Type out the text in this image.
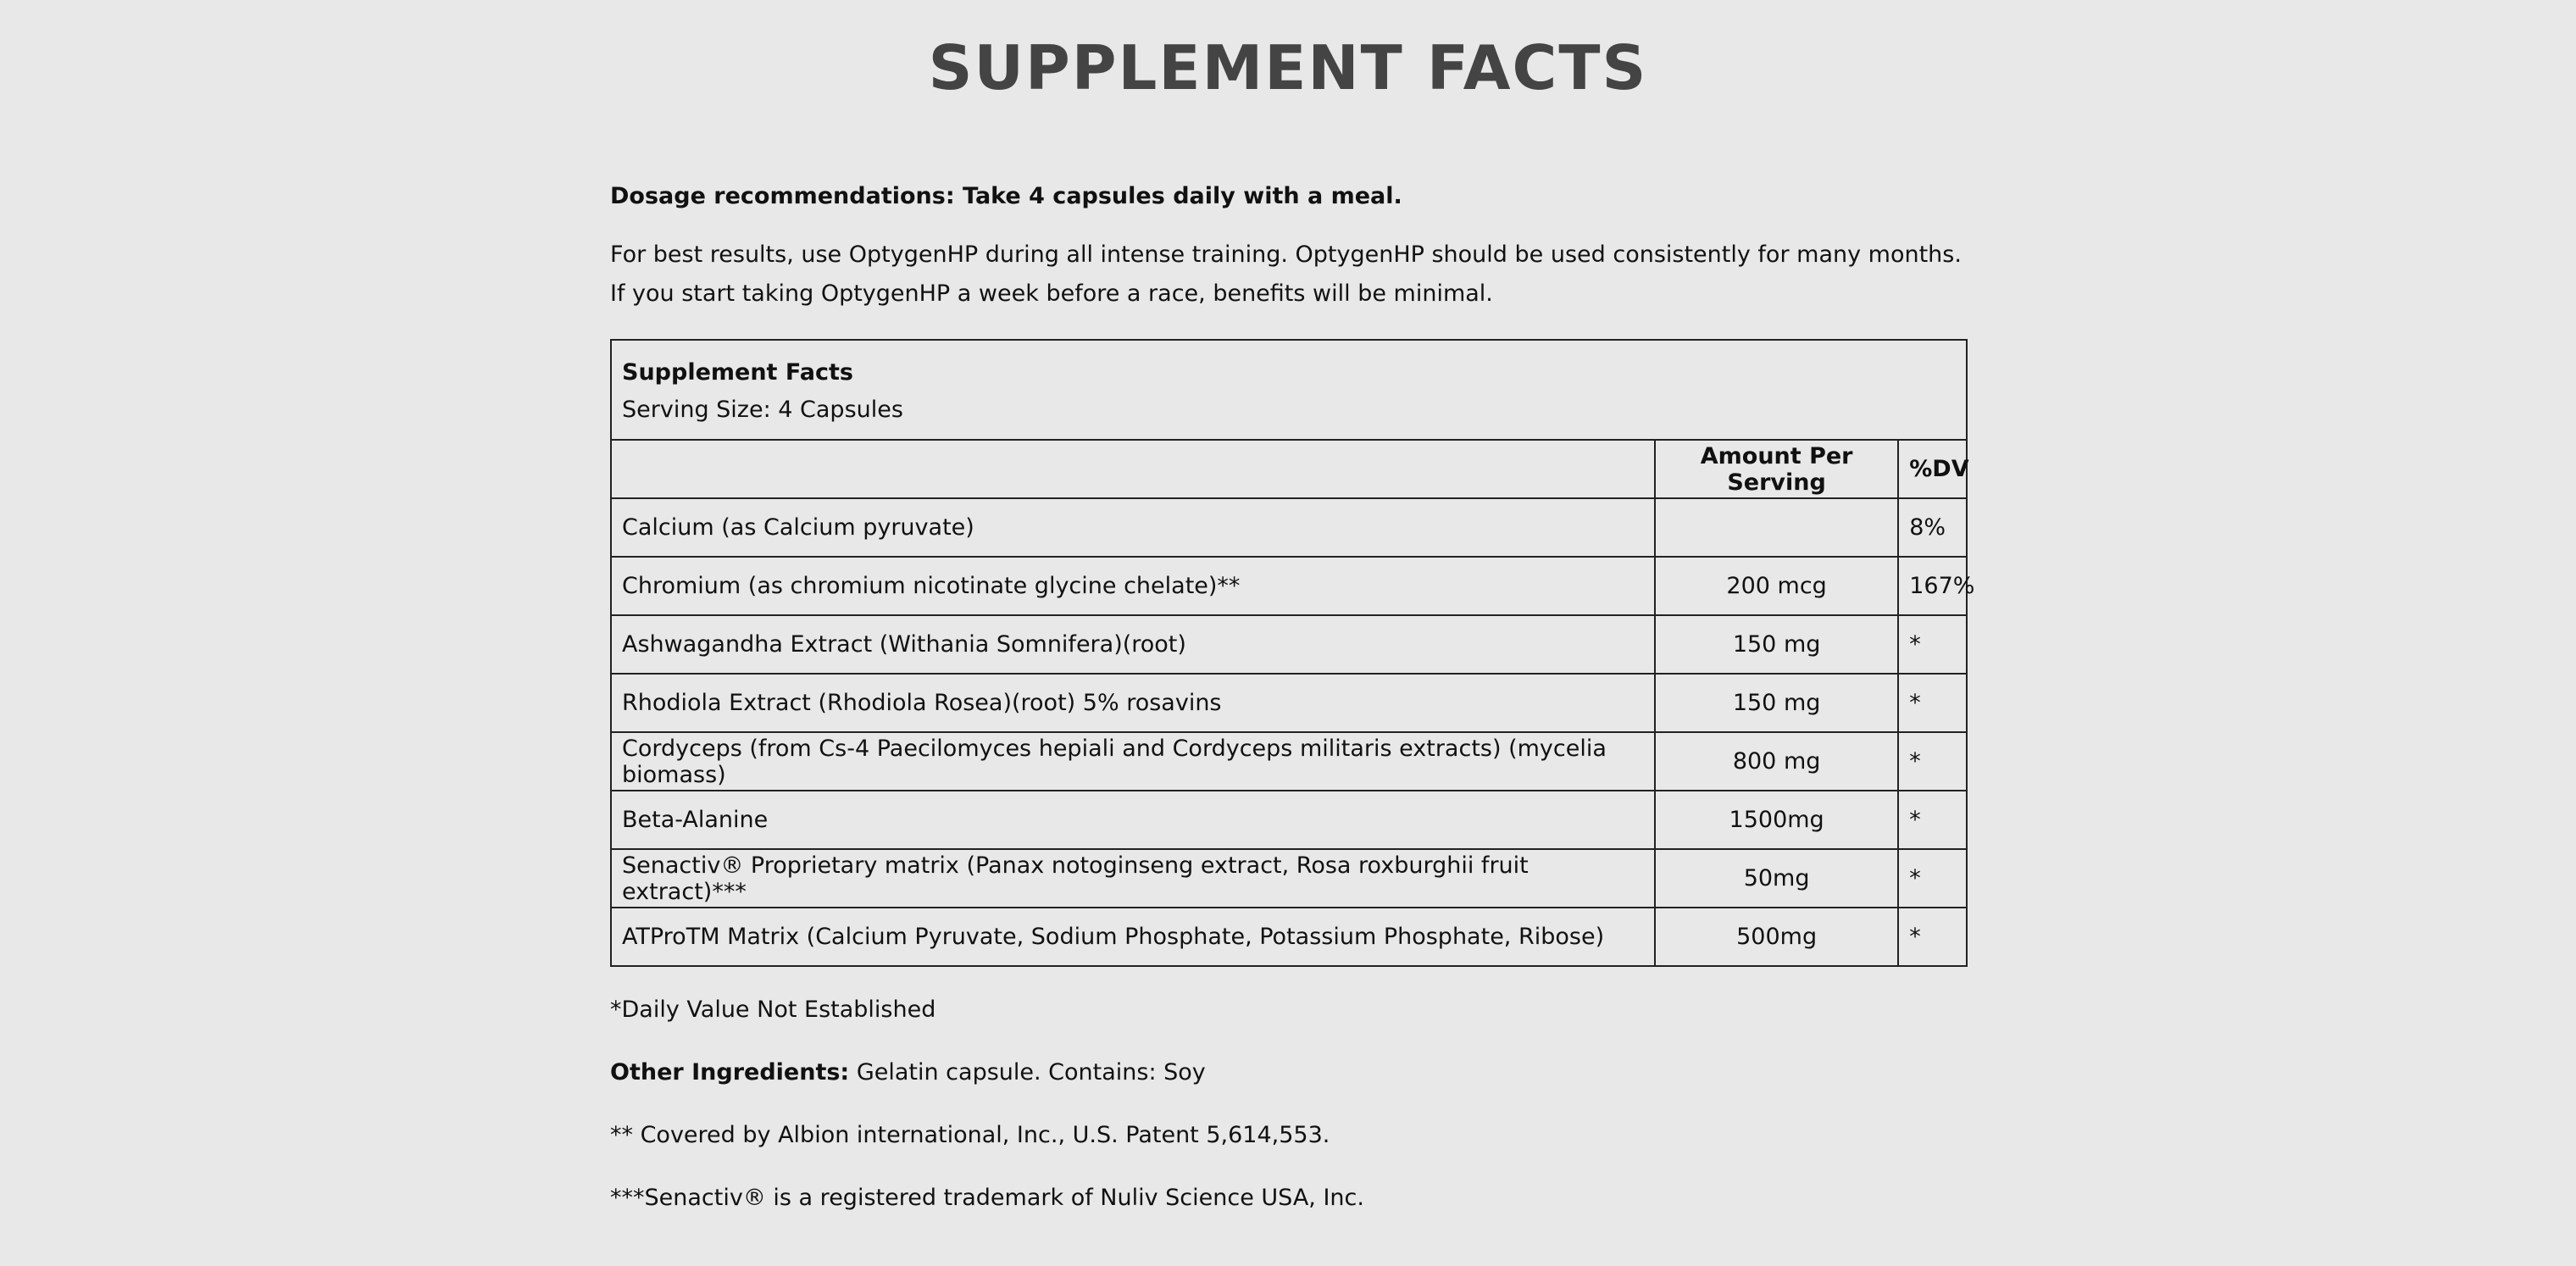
SUPPLEMENT FACTS

Dosage recommendations: Take 4 capsules daily with a meal.

For best results, use OptygenHP during all intense training. OptygenHP should be used consistently for many months. If you start taking OptygenHP a week before a race, benefits will be minimal.

Supplement Facts
Serving Size: 4 Capsules		
	Amount Per Serving	%DV
Calcium (as Calcium pyruvate)		8%
Chromium (as chromium nicotinate glycine chelate)**	200 mcg	167%
Ashwagandha Extract (Withania Somnifera)(root)	150 mg	*
Rhodiola Extract (Rhodiola Rosea)(root) 5% rosavins	150 mg	*
Cordyceps (from Cs-4 Paecilomyces hepiali and Cordyceps militaris extracts) (mycelia biomass)	800 mg	*
Beta-Alanine	1500mg	*
Senactiv® Proprietary matrix (Panax notoginseng extract, Rosa roxburghii fruit extract)***	50mg	*
ATProTM Matrix (Calcium Pyruvate, Sodium Phosphate, Potassium Phosphate, Ribose)	500mg	*

*Daily Value Not Established

Other Ingredients: Gelatin capsule. Contains: Soy

** Covered by Albion international, Inc., U.S. Patent 5,614,553.

***Senactiv® is a registered trademark of Nuliv Science USA, Inc.
